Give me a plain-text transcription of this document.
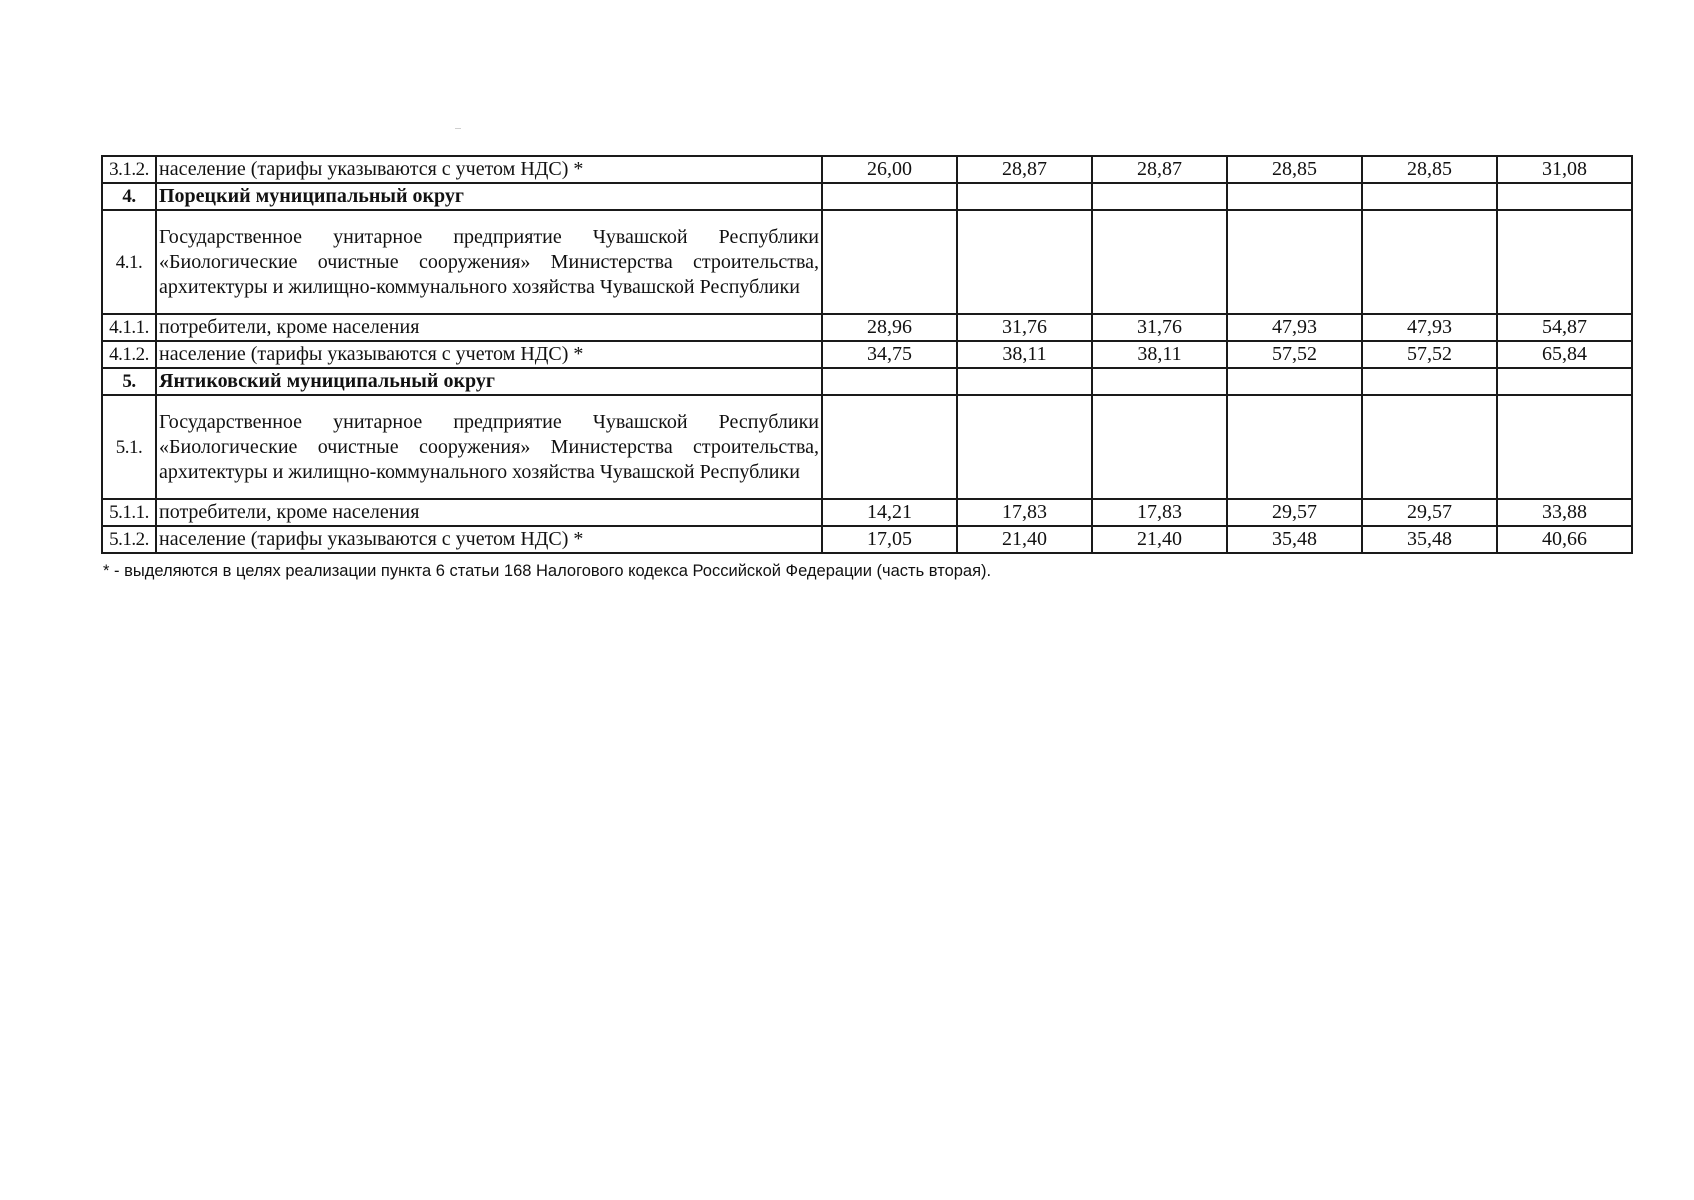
3.1.2.	население (тарифы указываются с учетом НДС) *	26,00	28,87	28,87	28,85	28,85	31,08
4.	Порецкий муниципальный округ						
4.1.	Государственное унитарное предприятие Чувашской Республики «Биологические очистные сооружения» Министерства строительства, архитектуры и жилищно-коммунального хозяйства Чувашской Республики						
4.1.1.	потребители, кроме населения	28,96	31,76	31,76	47,93	47,93	54,87
4.1.2.	население (тарифы указываются с учетом НДС) *	34,75	38,11	38,11	57,52	57,52	65,84
5.	Янтиковский муниципальный округ						
5.1.	Государственное унитарное предприятие Чувашской Республики «Биологические очистные сооружения» Министерства строительства, архитектуры и жилищно-коммунального хозяйства Чувашской Республики						
5.1.1.	потребители, кроме населения	14,21	17,83	17,83	29,57	29,57	33,88
5.1.2.	население (тарифы указываются с учетом НДС) *	17,05	21,40	21,40	35,48	35,48	40,66
* - выделяются в целях реализации пункта 6 статьи 168 Налогового кодекса Российской Федерации (часть вторая).
